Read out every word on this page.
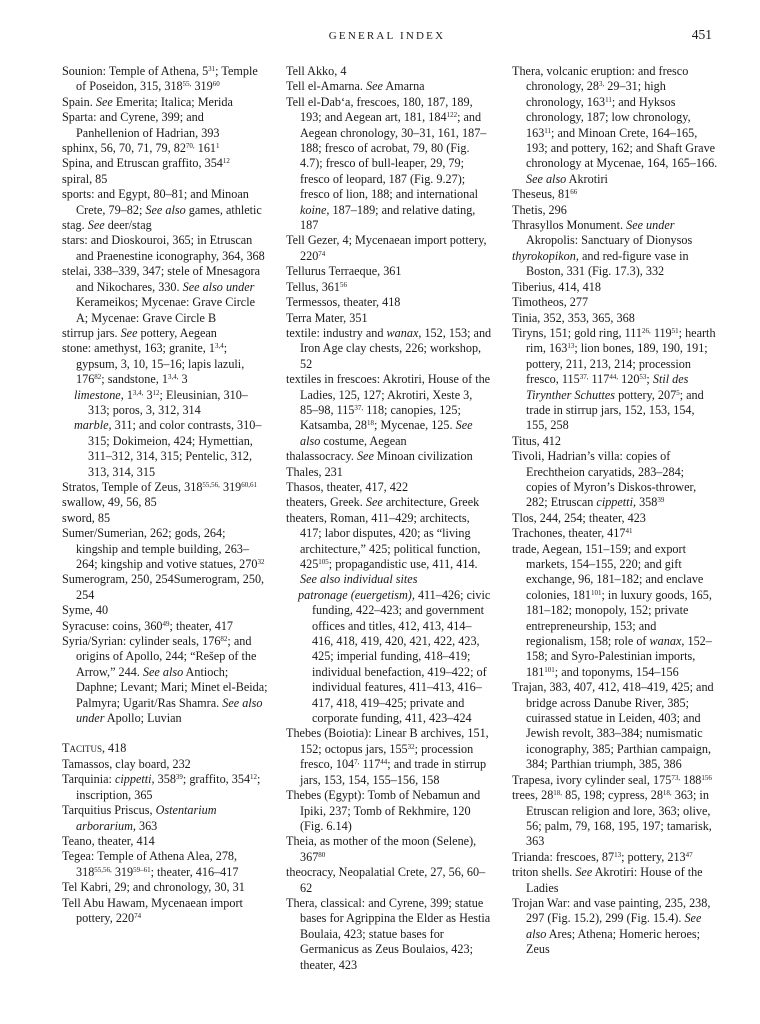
GENERAL INDEX	451

Sounion: Temple of Athena, $5^{31}$; Temple of Poseidon, 315, $318^{55,}$ $319^{60}$

Spain. See Emerita; Italica; Merida

Sparta: and Cyrene, 399; and Panhellenion of Hadrian, 393

sphinx, 56, 70, 71, 79, $82^{70,}$ $161^1$

Spina, and Etruscan graffito, $354^{12}$

spiral, 85

sports: and Egypt, 80–81; and Minoan Crete, 79–82; See also games, athletic

stag. See deer/stag

stars: and Dioskouroi, 365; in Etruscan and Praenestine iconography, 364, 368

stelai, 338–339, 347; stele of Mnesagora and Nikochares, 330. See also under Kerameikos; Mycenae: Grave Circle A; Mycenae: Grave Circle B

stirrup jars. See pottery, Aegean

stone: amethyst, 163; granite, 1$^{3,4}$; gypsum, 3, 10, 15–16; lapis lazuli, $176^{82}$; sandstone, $1^{3,4,}$ 3

limestone, $1^{3,4,}$ $3^{12}$; Eleusinian, 310–313; poros, 3, 312, 314

marble, 311; and color contrasts, 310–315; Dokimeion, 424; Hymettian, 311–312, 314, 315; Pentelic, 312, 313, 314, 315

Stratos, Temple of Zeus, $318^{55,56,}$ 319$^{60,61}$

swallow, 49, 56, 85

sword, 85

Sumer/Sumerian, 262; gods, 264; kingship and temple building, 263–264; kingship and votive statues, $270^{32}$

Sumerogram, 250, 254Sumerogram, 250, 254

Syme, 40

Syracuse: coins, $360^{49}$; theater, 417

Syria/Syrian: cylinder seals, $176^{82}$; and origins of Apollo, 244; “Rešep of the Arrow,” 244. See also Antioch; Daphne; Levant; Mari; Minet el-Beida; Palmyra; Ugarit/Ras Shamra. See also under Apollo; Luvian

Tacitus, 418

Tamassos, clay board, 232

Tarquinia: cippetti, $358^{39}$; graffito, $354^{12}$; inscription, 365

Tarquitius Priscus, Ostentarium arborarium, 363

Teano, theater, 414

Tegea: Temple of Athena Alea, 278, $318^{55,56,}$ 319$^{59-61}$; theater, 416–417

Tel Kabri, 29; and chronology, 30, 31

Tell Abu Hawam, Mycenaean import pottery, $220^{74}$

Tell Akko, 4

Tell el-Amarna. See Amarna

Tell el-Dab‘a, frescoes, 180, 187, 189, 193; and Aegean art, 181, $184^{122}$; and Aegean chronology, 30–31, 161, 187–188; fresco of acrobat, 79, 80 (Fig. 4.7); fresco of bull-leaper, 29, 79; fresco of leopard, 187 (Fig. 9.27); fresco of lion, 188; and international koine, 187–189; and relative dating, 187

Tell Gezer, 4; Mycenaean import pottery, $220^{74}$

Tellurus Terraeque, 361

Tellus, $361^{56}$

Termessos, theater, 418

Terra Mater, 351

textile: industry and wanax, 152, 153; and Iron Age clay chests, 226; workshop, 52

textiles in frescoes: Akrotiri, House of the Ladies, 125, 127; Akrotiri, Xeste 3, 85–98, $115^{37,}$ 118; canopies, 125; Katsamba, $28^{18}$; Mycenae, 125. See also costume, Aegean

thalassocracy. See Minoan civilization

Thales, 231

Thasos, theater, 417, 422

theaters, Greek. See architecture, Greek

theaters, Roman, 411–429; architects, 417; labor disputes, 420; as “living architecture,” 425; political function, $425^{105}$; propagandistic use, 411, 414. See also individual sites

patronage (euergetism), 411–426; civic funding, 422–423; and government offices and titles, 412, 413, 414–416, 418, 419, 420, 421, 422, 423, 425; imperial funding, 418–419; individual benefaction, 419–422; of individual features, 411–413, 416–417, 418, 419–425; private and corporate funding, 411, 423–424

Thebes (Boiotia): Linear B archives, 151, 152; octopus jars, $155^{32}$; procession fresco, $104^{7,}$ $117^{44}$; and trade in stirrup jars, 153, 154, 155–156, 158

Thebes (Egypt): Tomb of Nebamun and Ipiki, 237; Tomb of Rekhmire, 120 (Fig. 6.14)

Theia, as mother of the moon (Selene), $367^{80}$

theocracy, Neopalatial Crete, 27, 56, 60–62

Thera, classical: and Cyrene, 399; statue bases for Agrippina the Elder as Hestia Boulaia, 423; statue bases for Germanicus as Zeus Boulaios, 423; theater, 423

Thera, volcanic eruption: and fresco chronology, $28^{3,}$ 29–31; high chronology, $163^{11}$; and Hyksos chronology, 187; low chronology, $163^{11}$; and Minoan Crete, 164–165, 193; and pottery, 162; and Shaft Grave chronology at Mycenae, 164, 165–166. See also Akrotiri

Theseus, $81^{66}$

Thetis, 296

Thrasyllos Monument. See under Akropolis: Sanctuary of Dionysos

thyrokopikon, and red-figure vase in Boston, 331 (Fig. 17.3), 332

Tiberius, 414, 418

Timotheos, 277

Tinia, 352, 353, 365, 368

Tiryns, 151; gold ring, $111^{26,}$ $119^{51}$; hearth rim, $163^{13}$; lion bones, 189, 190, 191; pottery, 211, 213, 214; procession fresco, $115^{37,}$ $117^{44,}$ $120^{53}$; Stil des Tirynther Schuttes pottery, $207^5$; and trade in stirrup jars, 152, 153, 154, 155, 258

Titus, 412

Tivoli, Hadrian’s villa: copies of Erechtheion caryatids, 283–284; copies of Myron’s Diskos-thrower, 282; Etruscan cippetti, $358^{39}$

Tlos, 244, 254; theater, 423

Trachones, theater, $417^{41}$

trade, Aegean, 151–159; and export markets, 154–155, 220; and gift exchange, 96, 181–182; and enclave colonies, $181^{101}$; in luxury goods, 165, 181–182; monopoly, 152; private entrepreneurship, 153; and regionalism, 158; role of wanax, 152–158; and Syro-Palestinian imports, $181^{101}$; and toponyms, 154–156

Trajan, 383, 407, 412, 418–419, 425; and bridge across Danube River, 385; cuirassed statue in Leiden, 403; and Jewish revolt, 383–384; numismatic iconography, 385; Parthian campaign, 384; Parthian triumph, 385, 386

Trapesa, ivory cylinder seal, $175^{73,}$ $188^{156}$

trees, $28^{18,}$ 85, 198; cypress, $28^{18,}$ 363; in Etruscan religion and lore, 363; olive, 56; palm, 79, 168, 195, 197; tamarisk, 363

Trianda: frescoes, $87^{13}$; pottery, $213^{47}$

triton shells. See Akrotiri: House of the Ladies

Trojan War: and vase painting, 235, 238, 297 (Fig. 15.2), 299 (Fig. 15.4). See also Ares; Athena; Homeric heroes; Zeus
